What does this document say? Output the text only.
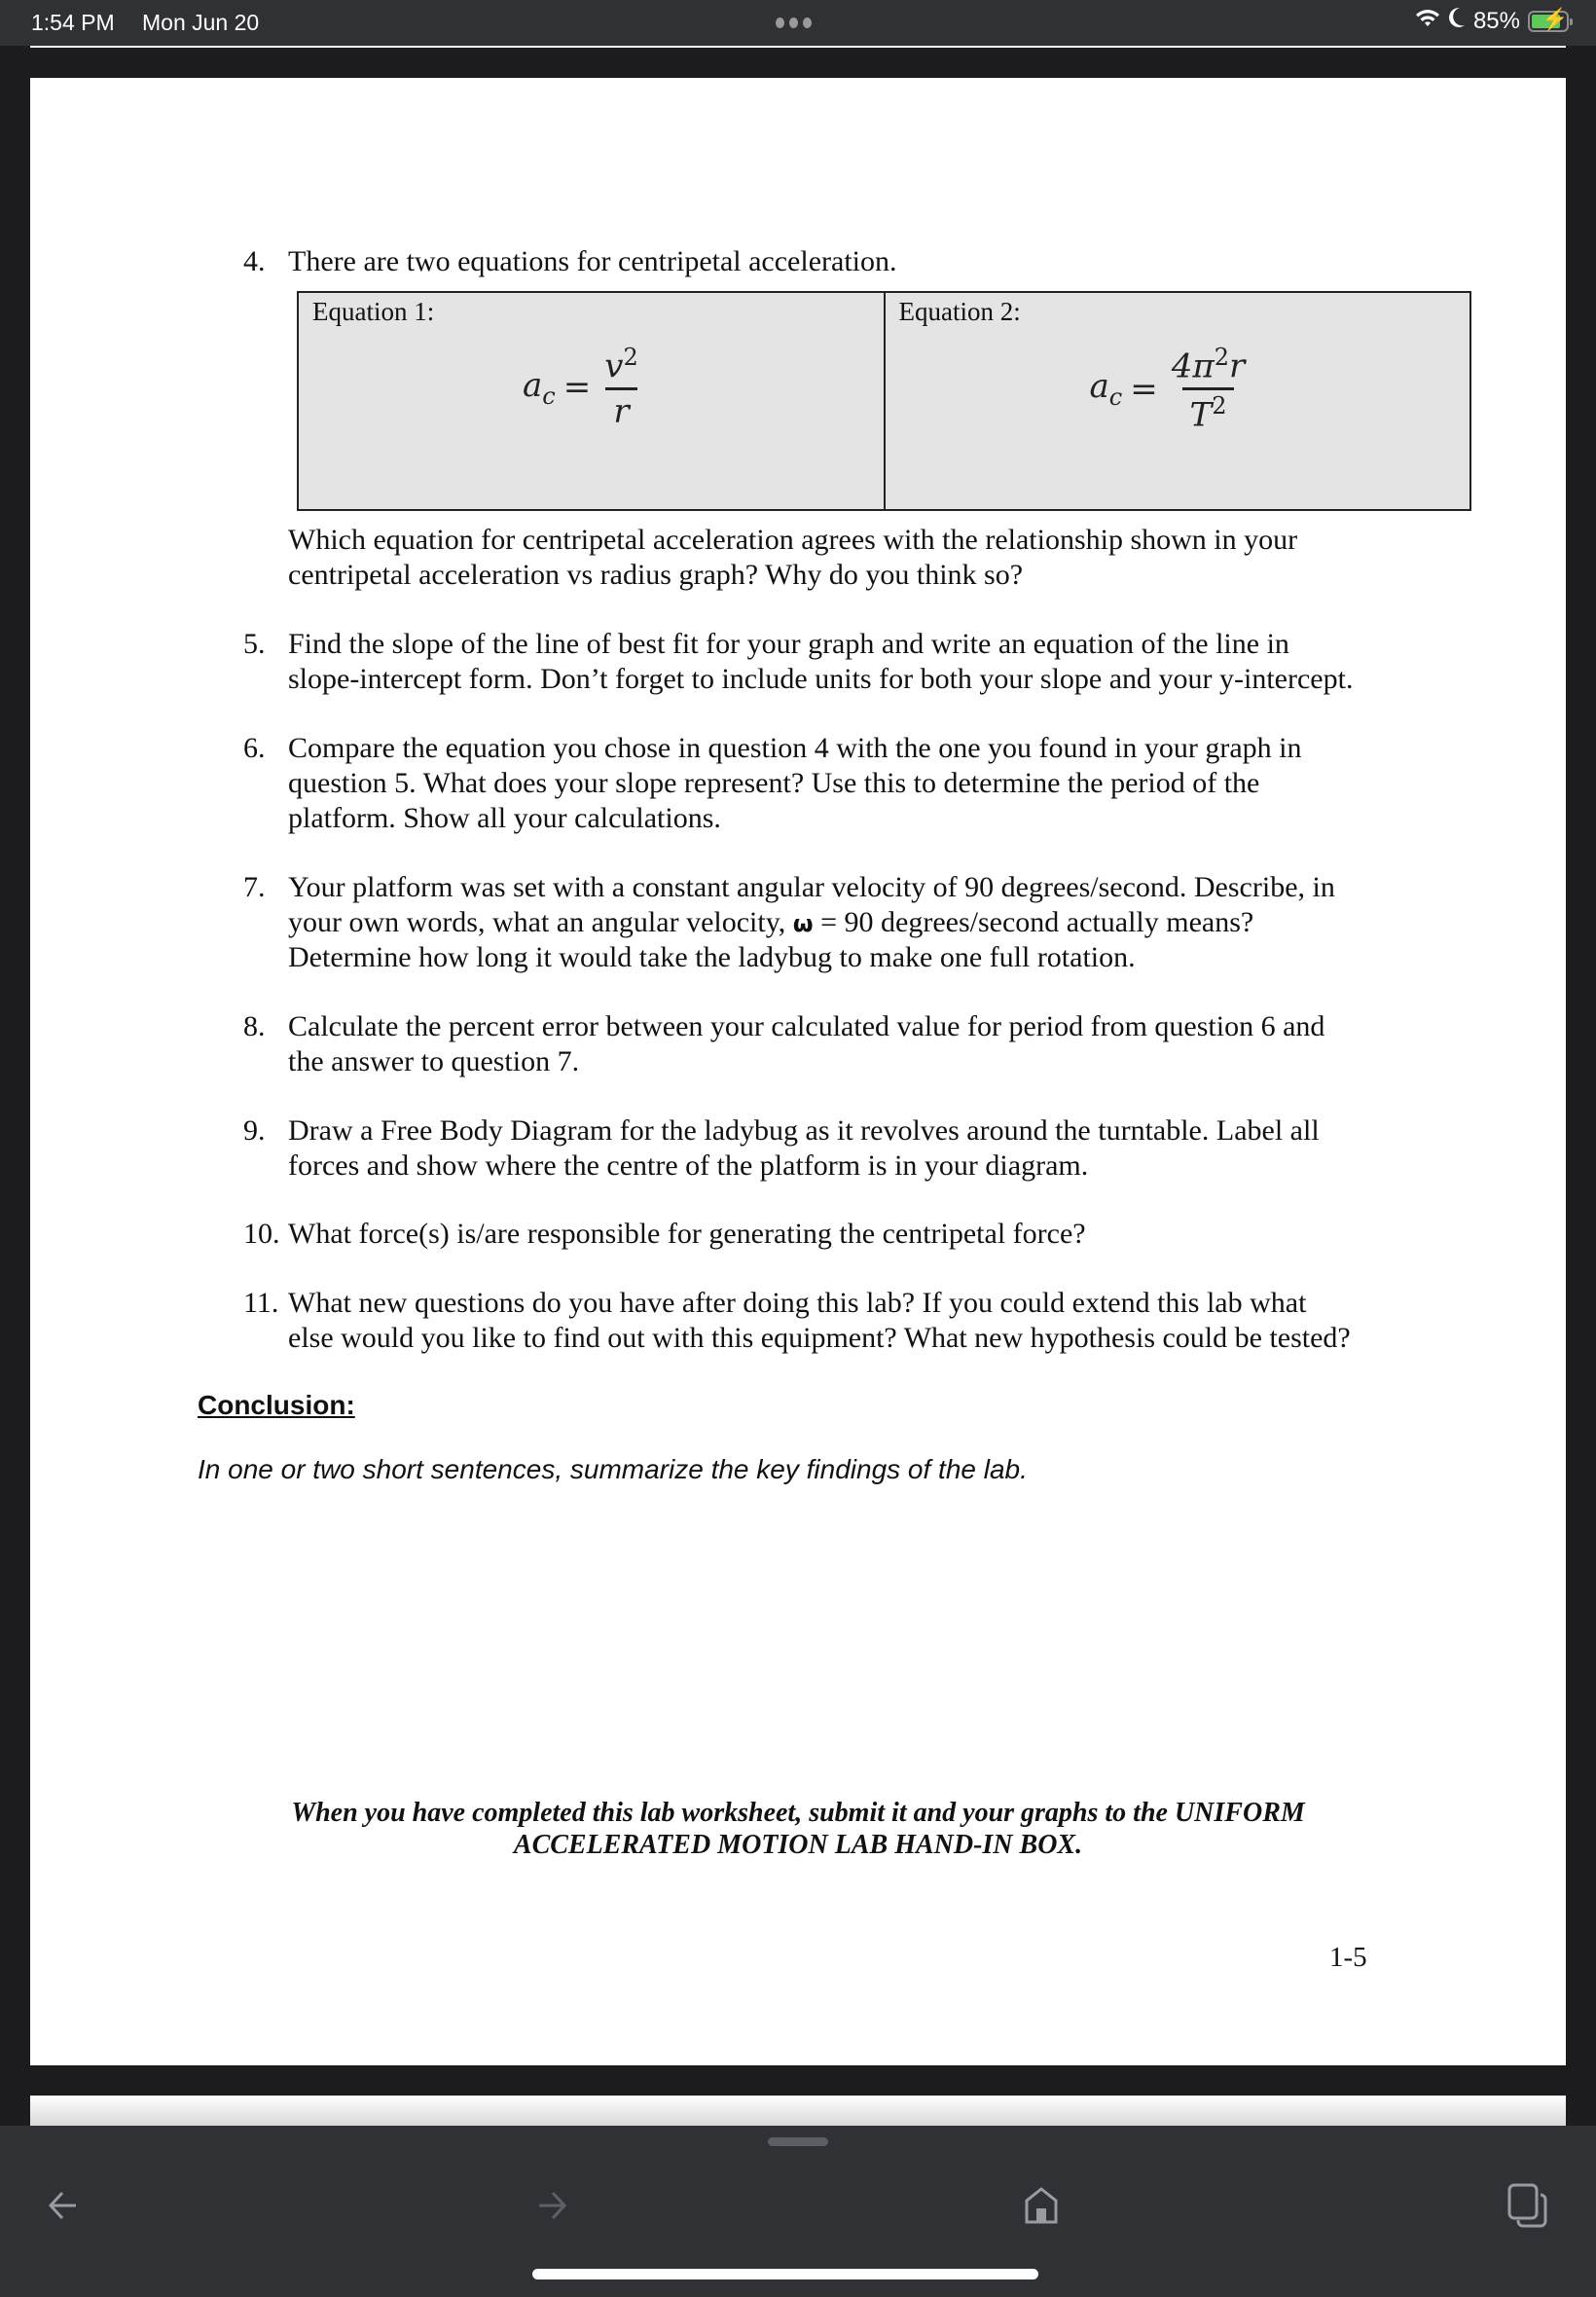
1:54 PM Mon Jun 20	85% ⚡
4. There are two equations for centripetal acceleration.
Equation 1:
$a_c = \frac{v^2}{r}$
Equation 2:
$a_c = \frac{4\pi^2r}{T^2}$
Which equation for centripetal acceleration agrees with the relationship shown in your
centripetal acceleration vs radius graph? Why do you think so?
5. Find the slope of the line of best fit for your graph and write an equation of the line in
slope-intercept form. Don’t forget to include units for both your slope and your y-intercept.
6. Compare the equation you chose in question 4 with the one you found in your graph in
question 5. What does your slope represent? Use this to determine the period of the
platform. Show all your calculations.
7. Your platform was set with a constant angular velocity of 90 degrees/second. Describe, in
your own words, what an angular velocity, ω = 90 degrees/second actually means?
Determine how long it would take the ladybug to make one full rotation.
8. Calculate the percent error between your calculated value for period from question 6 and
the answer to question 7.
9. Draw a Free Body Diagram for the ladybug as it revolves around the turntable. Label all
forces and show where the centre of the platform is in your diagram.
10. What force(s) is/are responsible for generating the centripetal force?
11. What new questions do you have after doing this lab? If you could extend this lab what
else would you like to find out with this equipment? What new hypothesis could be tested?
Conclusion:
In one or two short sentences, summarize the key findings of the lab.
When you have completed this lab worksheet, submit it and your graphs to the UNIFORM
ACCELERATED MOTION LAB HAND-IN BOX.
1-5
